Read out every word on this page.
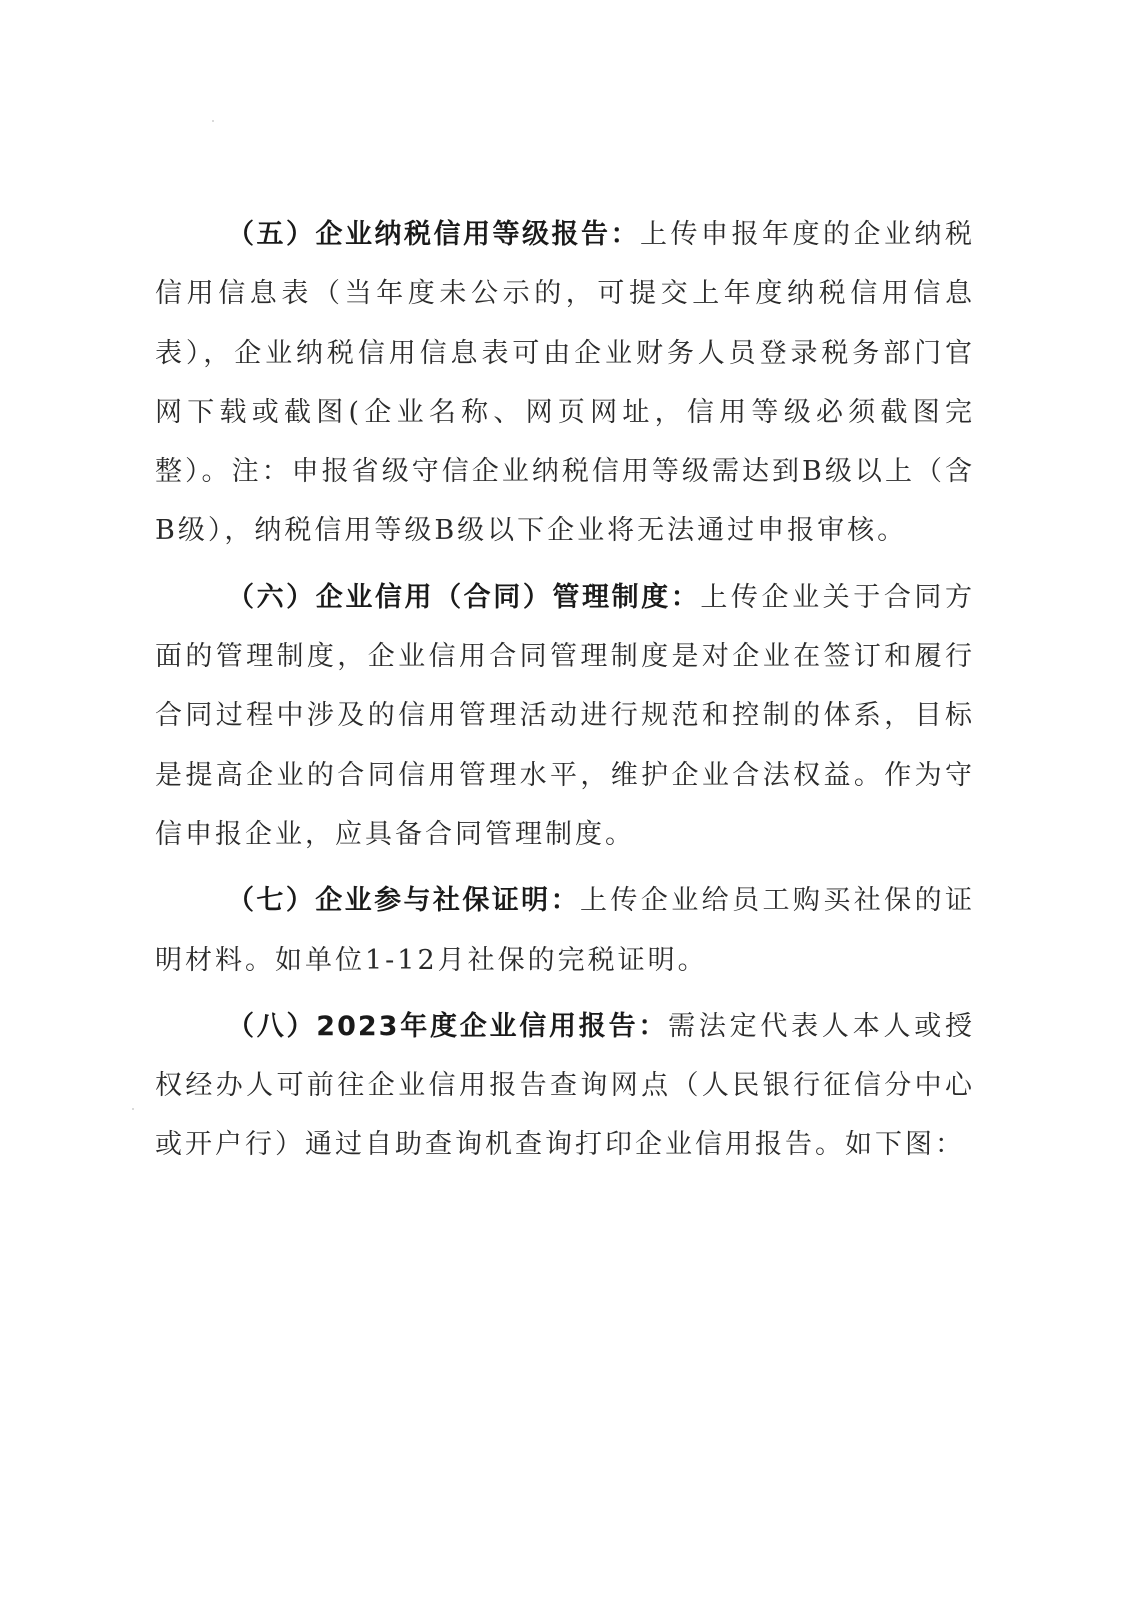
（五）企业纳税信用等级报告：上传申报年度的企业纳税信用信息表（当年度未公示的，可提交上年度纳税信用信息表），企业纳税信用信息表可由企业财务人员登录税务部门官网下载或截图(企业名称、网页网址，信用等级必须截图完整）。注：申报省级守信企业纳税信用等级需达到B级以上（含B级），纳税信用等级B级以下企业将无法通过申报审核。

（六）企业信用（合同）管理制度：上传企业关于合同方面的管理制度，企业信用合同管理制度是对企业在签订和履行合同过程中涉及的信用管理活动进行规范和控制的体系，目标是提高企业的合同信用管理水平，维护企业合法权益。作为守信申报企业，应具备合同管理制度。

（七）企业参与社保证明：上传企业给员工购买社保的证明材料。如单位1-12月社保的完税证明。

（八）2023年度企业信用报告：需法定代表人本人或授权经办人可前往企业信用报告查询网点（人民银行征信分中心或开户行）通过自助查询机查询打印企业信用报告。如下图：
